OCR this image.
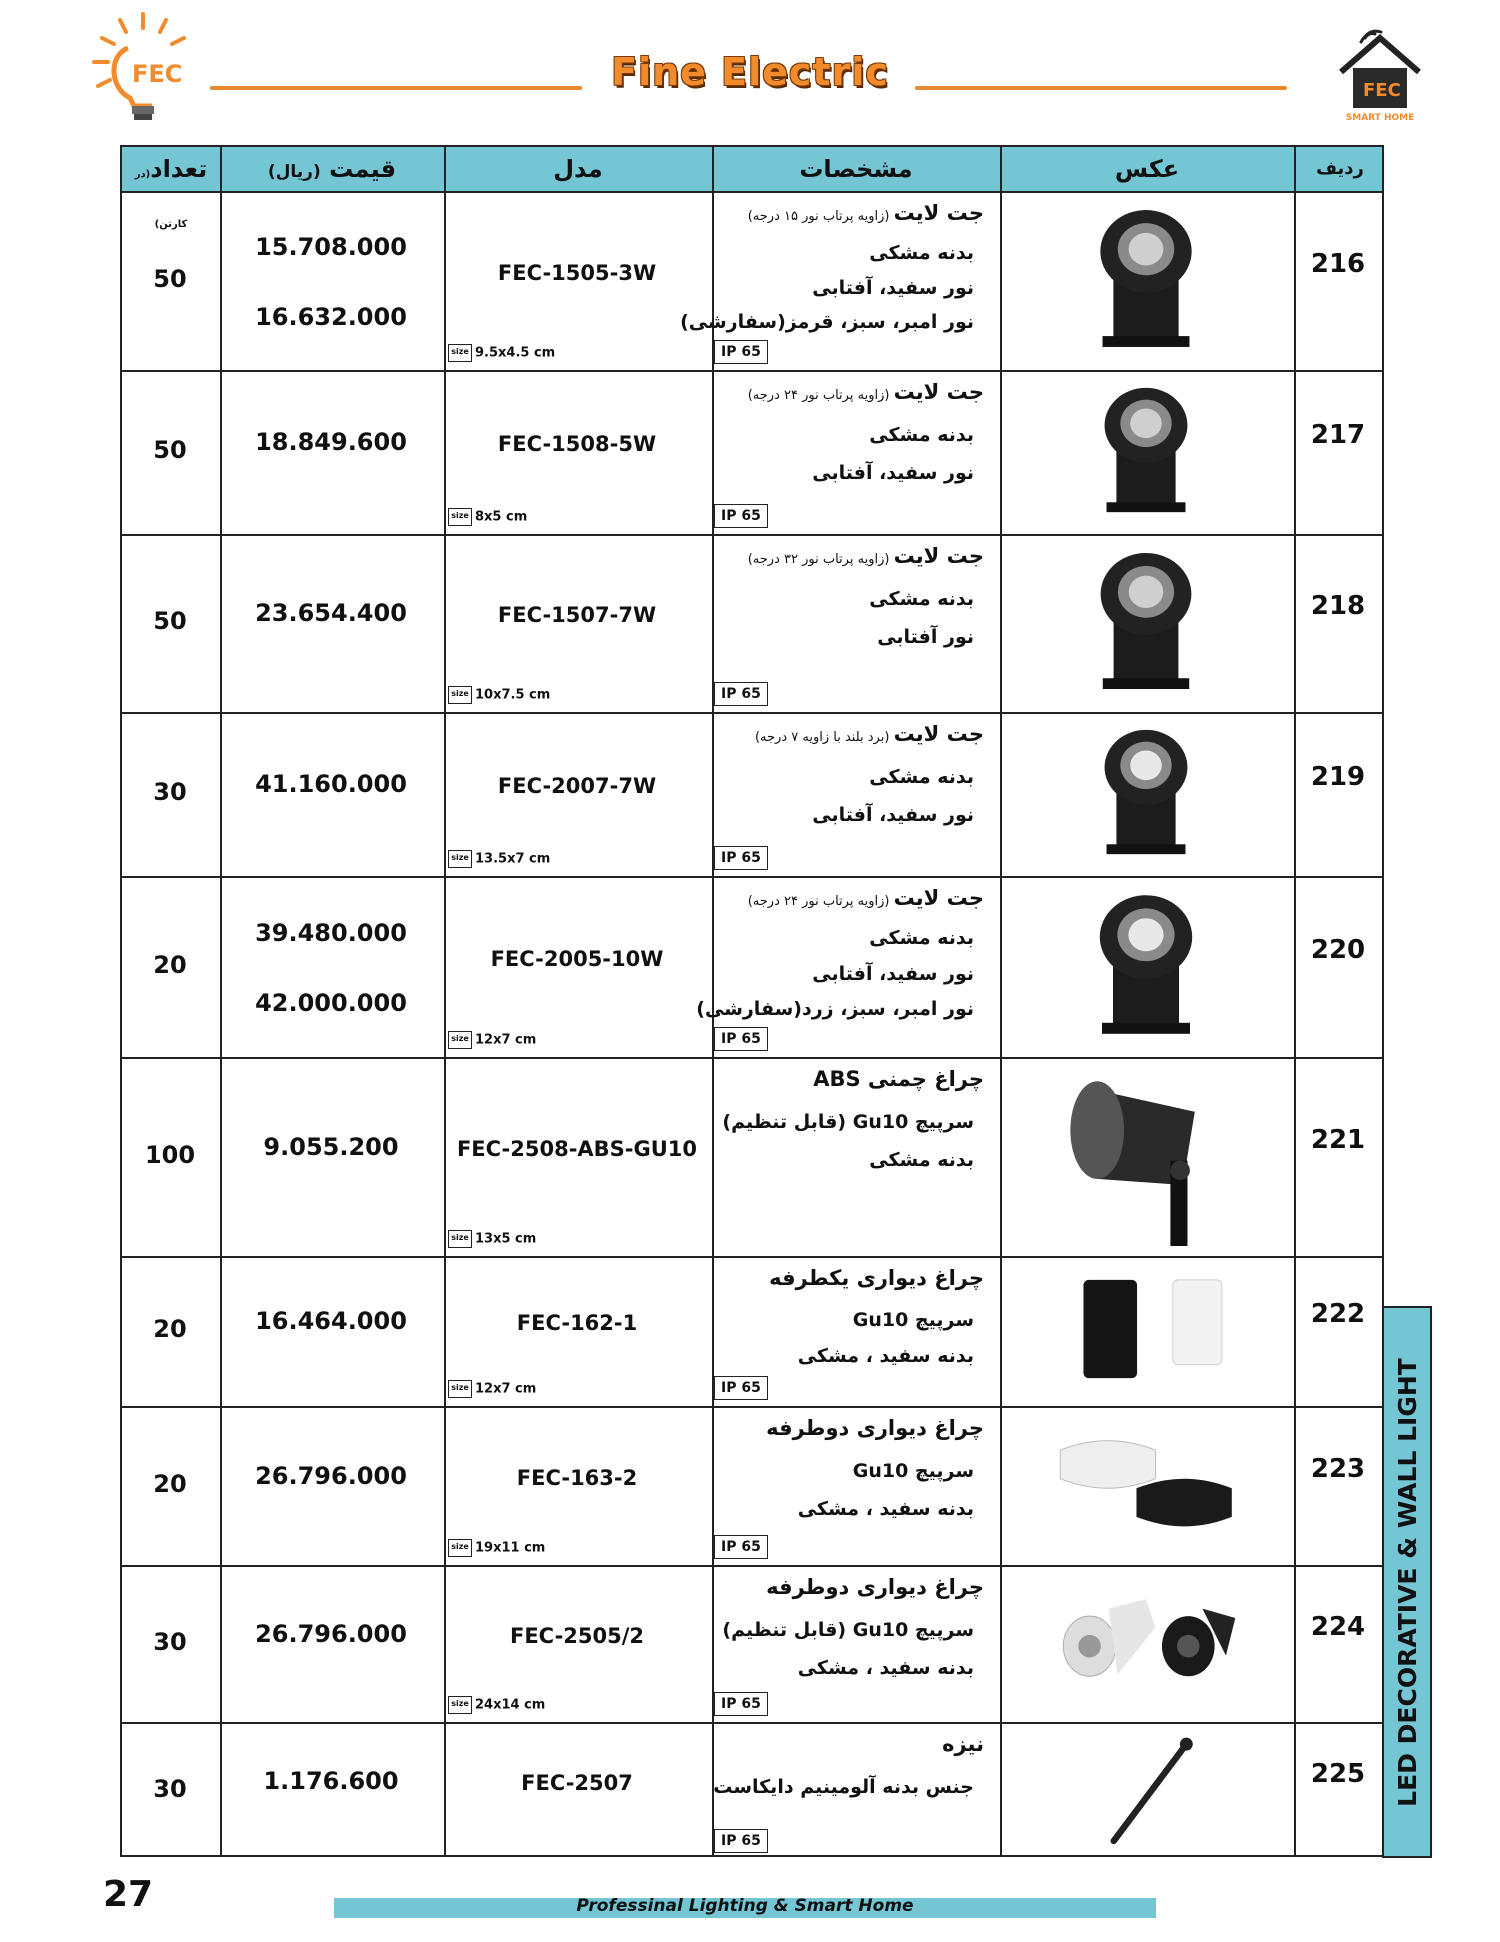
FEC	Fine Electric	FEC
SMART HOME
تعداد(در کارتن)
قیمت (ریال)	مدل	مشخصات	عکس	ردیف
50
15.708.000
16.632.000
FEC-1505-3W
size 9.5x4.5 cm
جت لایت (زاویه پرتاب نور ۱۵ درجه)
بدنه مشکی
نور سفید، آفتابی
نور امبر، سبز، قرمز(سفارشی)
IP 65
216
50	18.849.600	FEC-1508-5W
size 8x5 cm
جت لایت (زاویه پرتاب نور ۲۴ درجه)
بدنه مشکی
نور سفید، آفتابی
IP 65
217
50	23.654.400	FEC-1507-7W
size 10x7.5 cm
جت لایت (زاویه پرتاب نور ۳۲ درجه)
بدنه مشکی
نور آفتابی
IP 65
218
30	41.160.000	FEC-2007-7W
size 13.5x7 cm
جت لایت (برد بلند با زاویه ۷ درجه)
بدنه مشکی
نور سفید، آفتابی
IP 65
219
20
39.480.000
42.000.000
FEC-2005-10W
size 12x7 cm
جت لایت (زاویه پرتاب نور ۲۴ درجه)
بدنه مشکی
نور سفید، آفتابی
نور امبر، سبز، زرد(سفارشی)
IP 65
220
100	9.055.200	FEC-2508-ABS-GU10
size 13x5 cm
چراغ چمنی ABS
سرپیچ Gu10 (قابل تنظیم)
بدنه مشکی
221
20	16.464.000	FEC-162-1
size 12x7 cm
چراغ دیواری یکطرفه
سرپیچ Gu10
بدنه سفید ، مشکی
IP 65
222
20	26.796.000	FEC-163-2
size 19x11 cm
چراغ دیواری دوطرفه
سرپیچ Gu10
بدنه سفید ، مشکی
IP 65
223
30	26.796.000	FEC-2505/2
size 24x14 cm
چراغ دیواری دوطرفه
سرپیچ Gu10 (قابل تنظیم)
بدنه سفید ، مشکی
IP 65
224
30	1.176.600	FEC-2507
نیزه
جنس بدنه آلومینیم دایکاست
IP 65
225	LED DECORATIVE & WALL LIGHT
27	Professinal Lighting & Smart Home
